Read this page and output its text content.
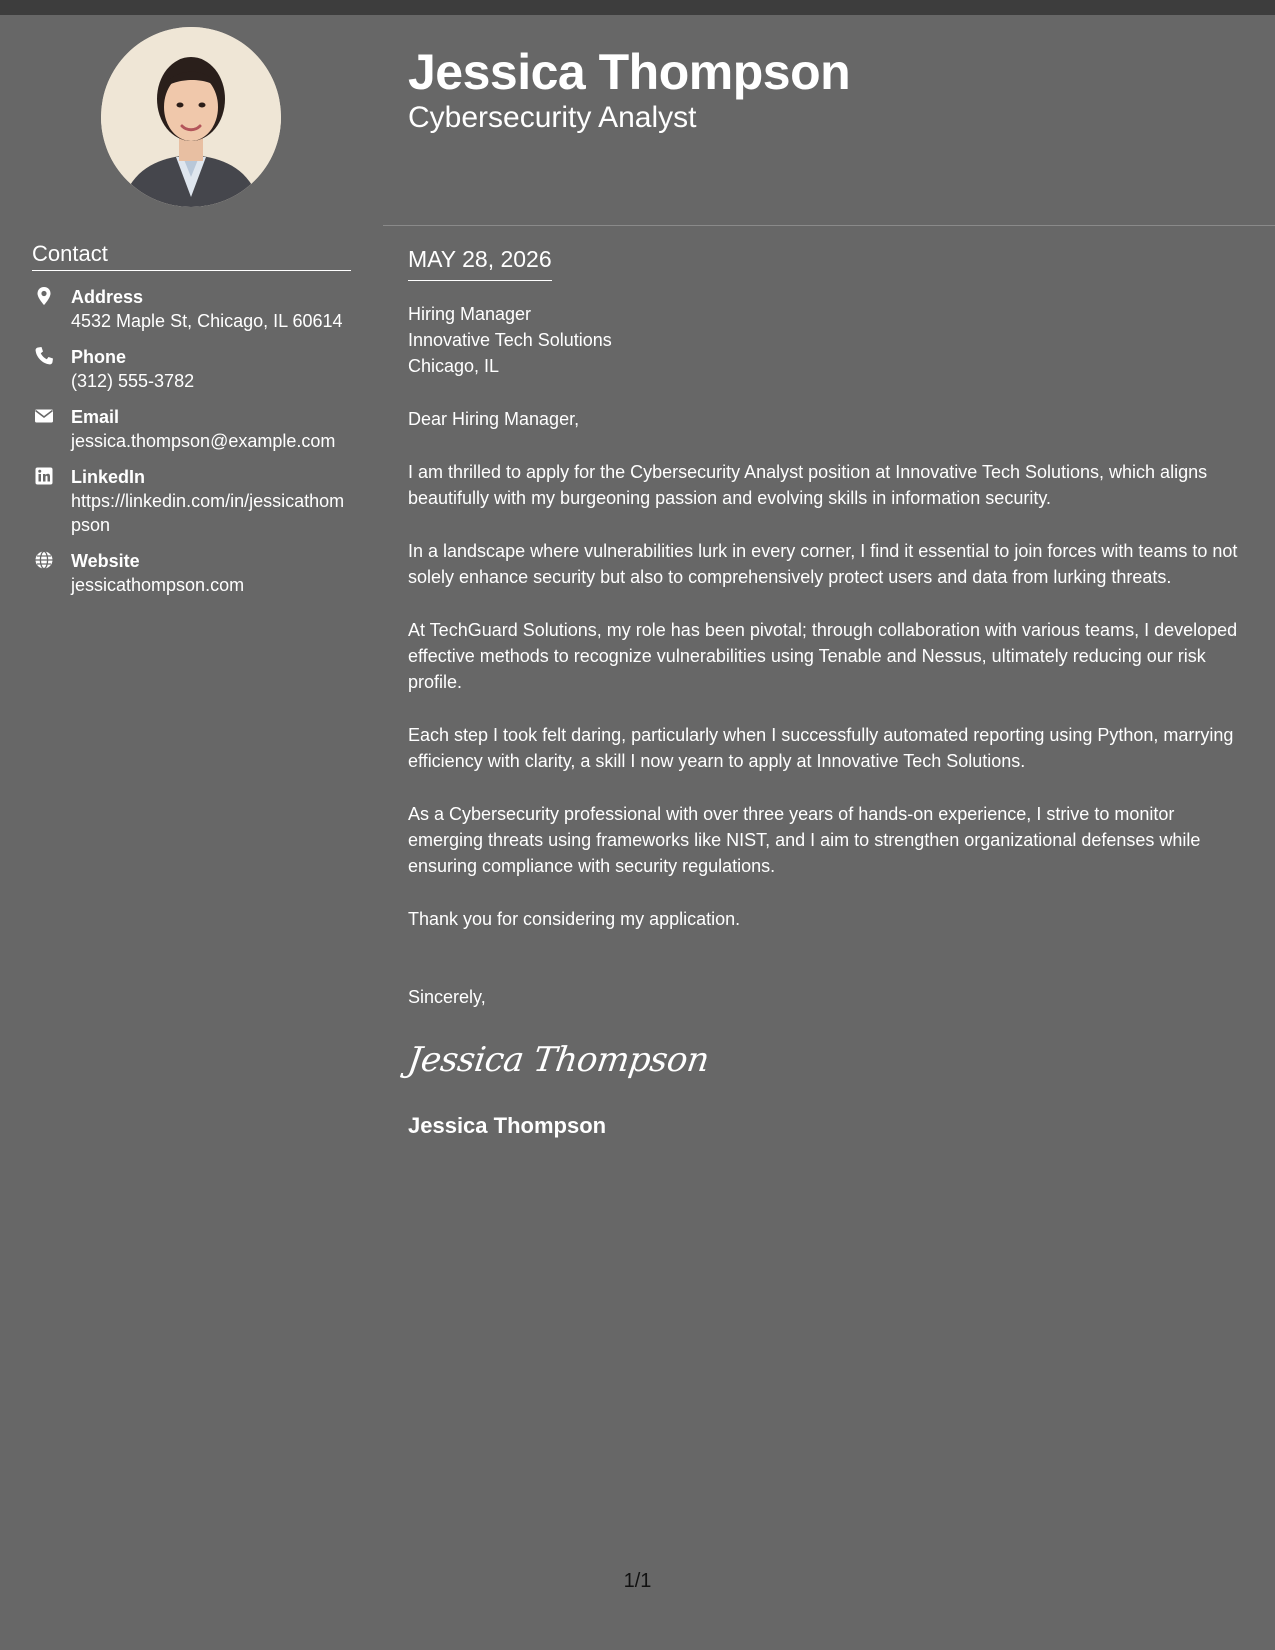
Contact
Address
4532 Maple St, Chicago, IL 60614
Phone
(312) 555-3782
Email
jessica.thompson@example.com
LinkedIn
https://linkedin.com/in/jessicathompson
Website
jessicathompson.com
Jessica Thompson
Cybersecurity Analyst
MAY 28, 2026
Hiring Manager
Innovative Tech Solutions
Chicago, IL
Dear Hiring Manager,
I am thrilled to apply for the Cybersecurity Analyst position at Innovative Tech Solutions, which aligns beautifully with my burgeoning passion and evolving skills in information security.
In a landscape where vulnerabilities lurk in every corner, I find it essential to join forces with teams to not solely enhance security but also to comprehensively protect users and data from lurking threats.
At TechGuard Solutions, my role has been pivotal; through collaboration with various teams, I developed effective methods to recognize vulnerabilities using Tenable and Nessus, ultimately reducing our risk profile.
Each step I took felt daring, particularly when I successfully automated reporting using Python, marrying efficiency with clarity, a skill I now yearn to apply at Innovative Tech Solutions.
As a Cybersecurity professional with over three years of hands-on experience, I strive to monitor emerging threats using frameworks like NIST, and I aim to strengthen organizational defenses while ensuring compliance with security regulations.
Thank you for considering my application.
Sincerely,
Jessica Thompson
Jessica Thompson
1/1
